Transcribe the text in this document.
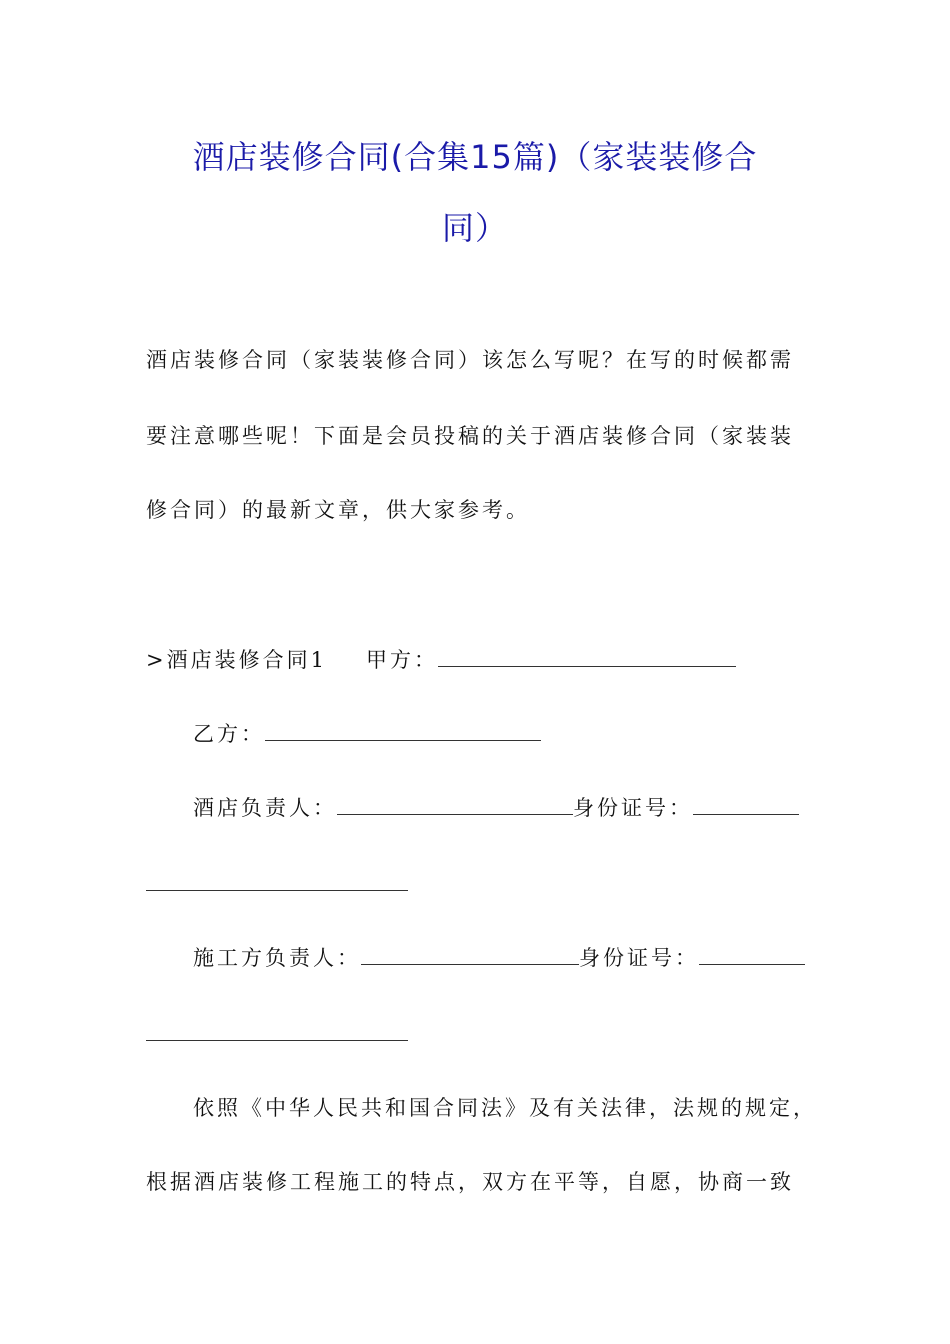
酒店装修合同(合集15篇)（家装装修合
同）
酒店装修合同（家装装修合同）该怎么写呢？在写的时候都需
要注意哪些呢！下面是会员投稿的关于酒店装修合同（家装装
修合同）的最新文章，供大家参考。
>酒店装修合同1 甲方：
乙方：
酒店负责人：	身份证号：
施工方负责人：	身份证号：
依照《中华人民共和国合同法》及有关法律，法规的规定，
根据酒店装修工程施工的特点，双方在平等，自愿，协商一致
